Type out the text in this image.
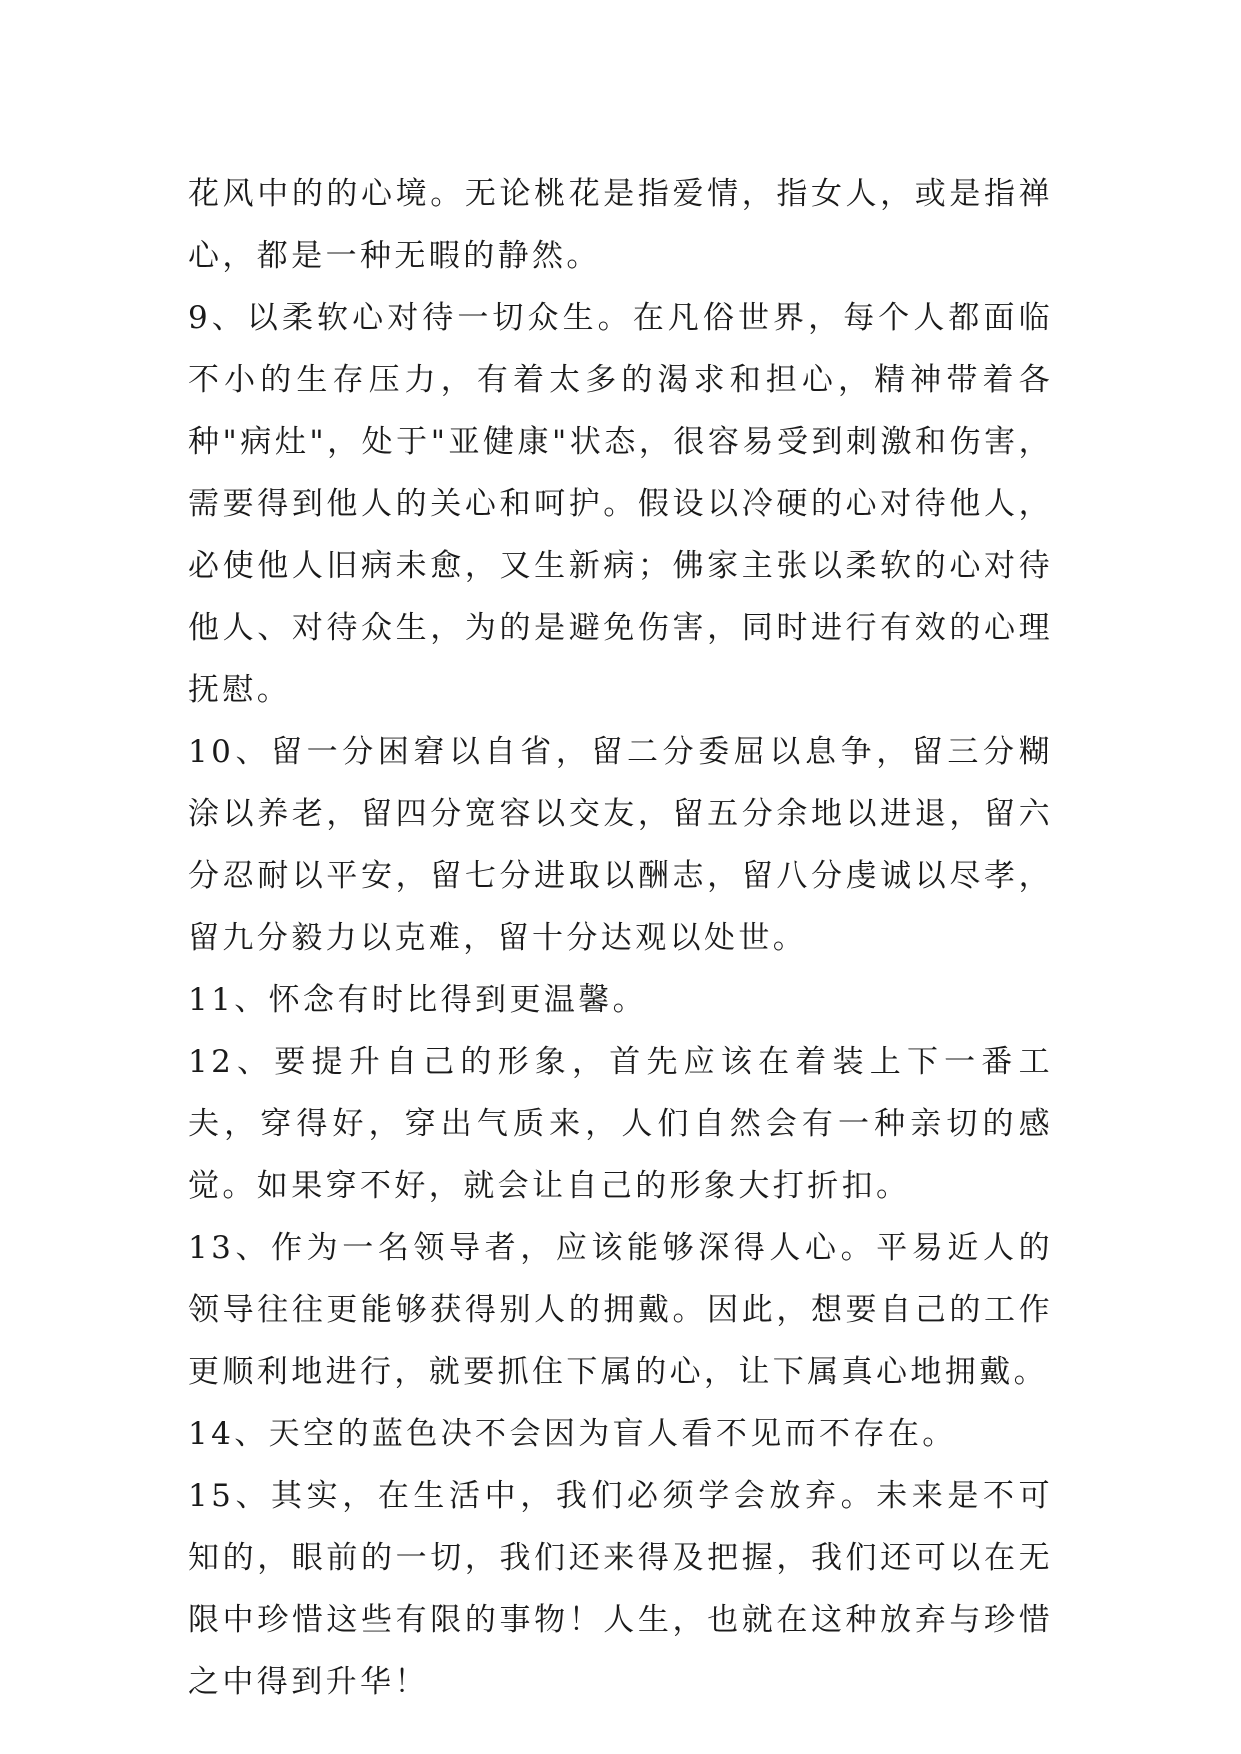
花风中的的心境。无论桃花是指爱情，指女人，或是指禅心，都是一种无暇的静然。

9、以柔软心对待一切众生。在凡俗世界，每个人都面临不小的生存压力，有着太多的渴求和担心，精神带着各种"病灶"，处于"亚健康"状态，很容易受到刺激和伤害，需要得到他人的关心和呵护。假设以冷硬的心对待他人，必使他人旧病未愈，又生新病；佛家主张以柔软的心对待他人、对待众生，为的是避免伤害，同时进行有效的心理抚慰。

10、留一分困窘以自省，留二分委屈以息争，留三分糊涂以养老，留四分宽容以交友，留五分余地以进退，留六分忍耐以平安，留七分进取以酬志，留八分虔诚以尽孝，留九分毅力以克难，留十分达观以处世。

11、怀念有时比得到更温馨。

12、要提升自己的形象，首先应该在着装上下一番工夫，穿得好，穿出气质来，人们自然会有一种亲切的感觉。如果穿不好，就会让自己的形象大打折扣。

13、作为一名领导者，应该能够深得人心。平易近人的领导往往更能够获得别人的拥戴。因此，想要自己的工作更顺利地进行，就要抓住下属的心，让下属真心地拥戴。

14、天空的蓝色决不会因为盲人看不见而不存在。

15、其实，在生活中，我们必须学会放弃。未来是不可知的，眼前的一切，我们还来得及把握，我们还可以在无限中珍惜这些有限的事物！人生，也就在这种放弃与珍惜之中得到升华！
